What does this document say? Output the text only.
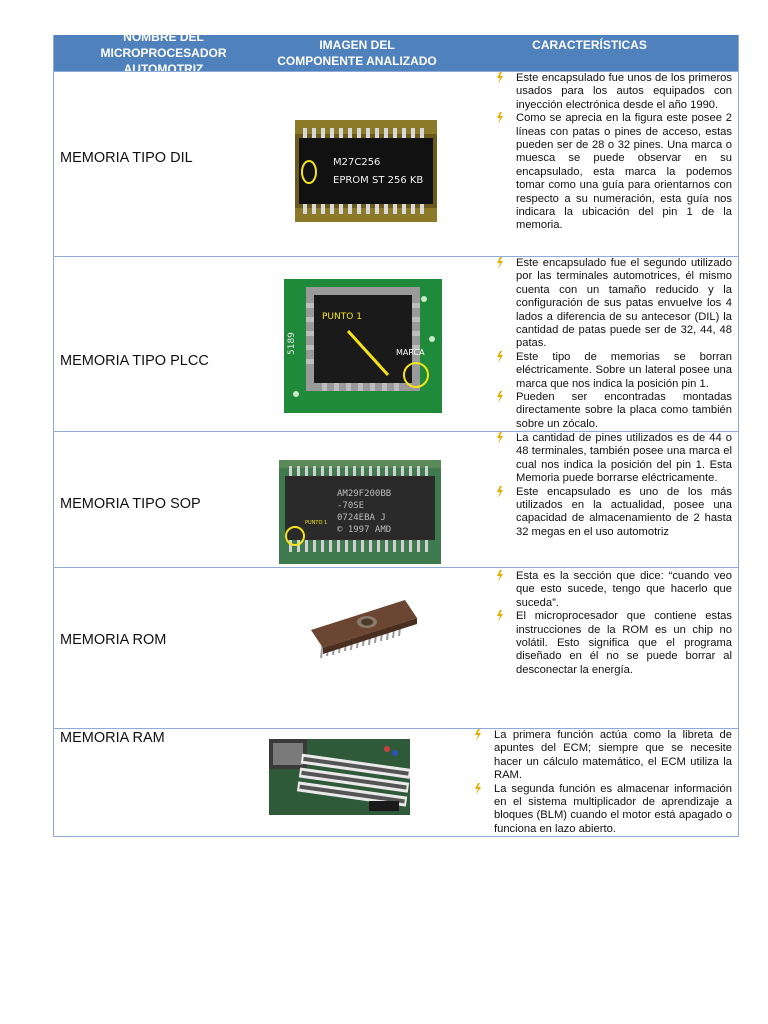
NOMBRE DEL MICROPROCESADOR AUTOMOTRIZ
IMAGEN DEL COMPONENTE ANALIZADO
CARACTERÍSTICAS
MEMORIA TIPO DIL	M27C256
EPROM ST 256 KB
Este encapsulado fue unos de los primeros usados para los autos equipados con inyección electrónica desde el año 1990.
Como se aprecia en la figura este posee 2 líneas con patas o pines de acceso, estas pueden ser de 28 o 32 pines. Una marca o muesca se puede observar en su encapsulado, esta marca la podemos tomar como una guía para orientarnos con respecto a su numeración, esta guía nos indicara la ubicación del pin 1 de la memoria.
MEMORIA TIPO PLCC
5189
PUNTO 1
MARCA
Este encapsulado fue el segundo utilizado por las terminales automotrices, él mismo cuenta con un tamaño reducido y la configuración de sus patas envuelve los 4 lados a diferencia de su antecesor (DIL) la cantidad de patas puede ser de 32, 44, 48 patas.
Este tipo de memorias se borran eléctricamente. Sobre un lateral posee una marca que nos indica la posición pin 1.
Pueden ser encontradas montadas directamente sobre la placa como también sobre un zócalo.
MEMORIA TIPO SOP
AM29F200BB
-70SE
0724EBA J
© 1997 AMD
PUNTO 1
La cantidad de pines utilizados es de 44 o 48 terminales, también posee una marca el cual nos indica la posición del pin 1. Esta Memoria puede borrarse eléctricamente.
Este encapsulado es uno de los más utilizados en la actualidad, posee una capacidad de almacenamiento de 2 hasta 32 megas en el uso automotriz
MEMORIA ROM
Esta es la sección que dice: “cuando veo que esto sucede, tengo que hacerlo que suceda”.
El microprocesador que contiene estas instrucciones de la ROM es un chip no volátil. Esto significa que el programa diseñado en él no se puede borrar al desconectar la energía.
MEMORIA RAM	La primera función actúa como la libreta de apuntes del ECM; siempre que se necesite hacer un cálculo matemático, el ECM utiliza la RAM.
La segunda función es almacenar información en el sistema multiplicador de aprendizaje a bloques (BLM) cuando el motor está apagado o funciona en lazo abierto.
